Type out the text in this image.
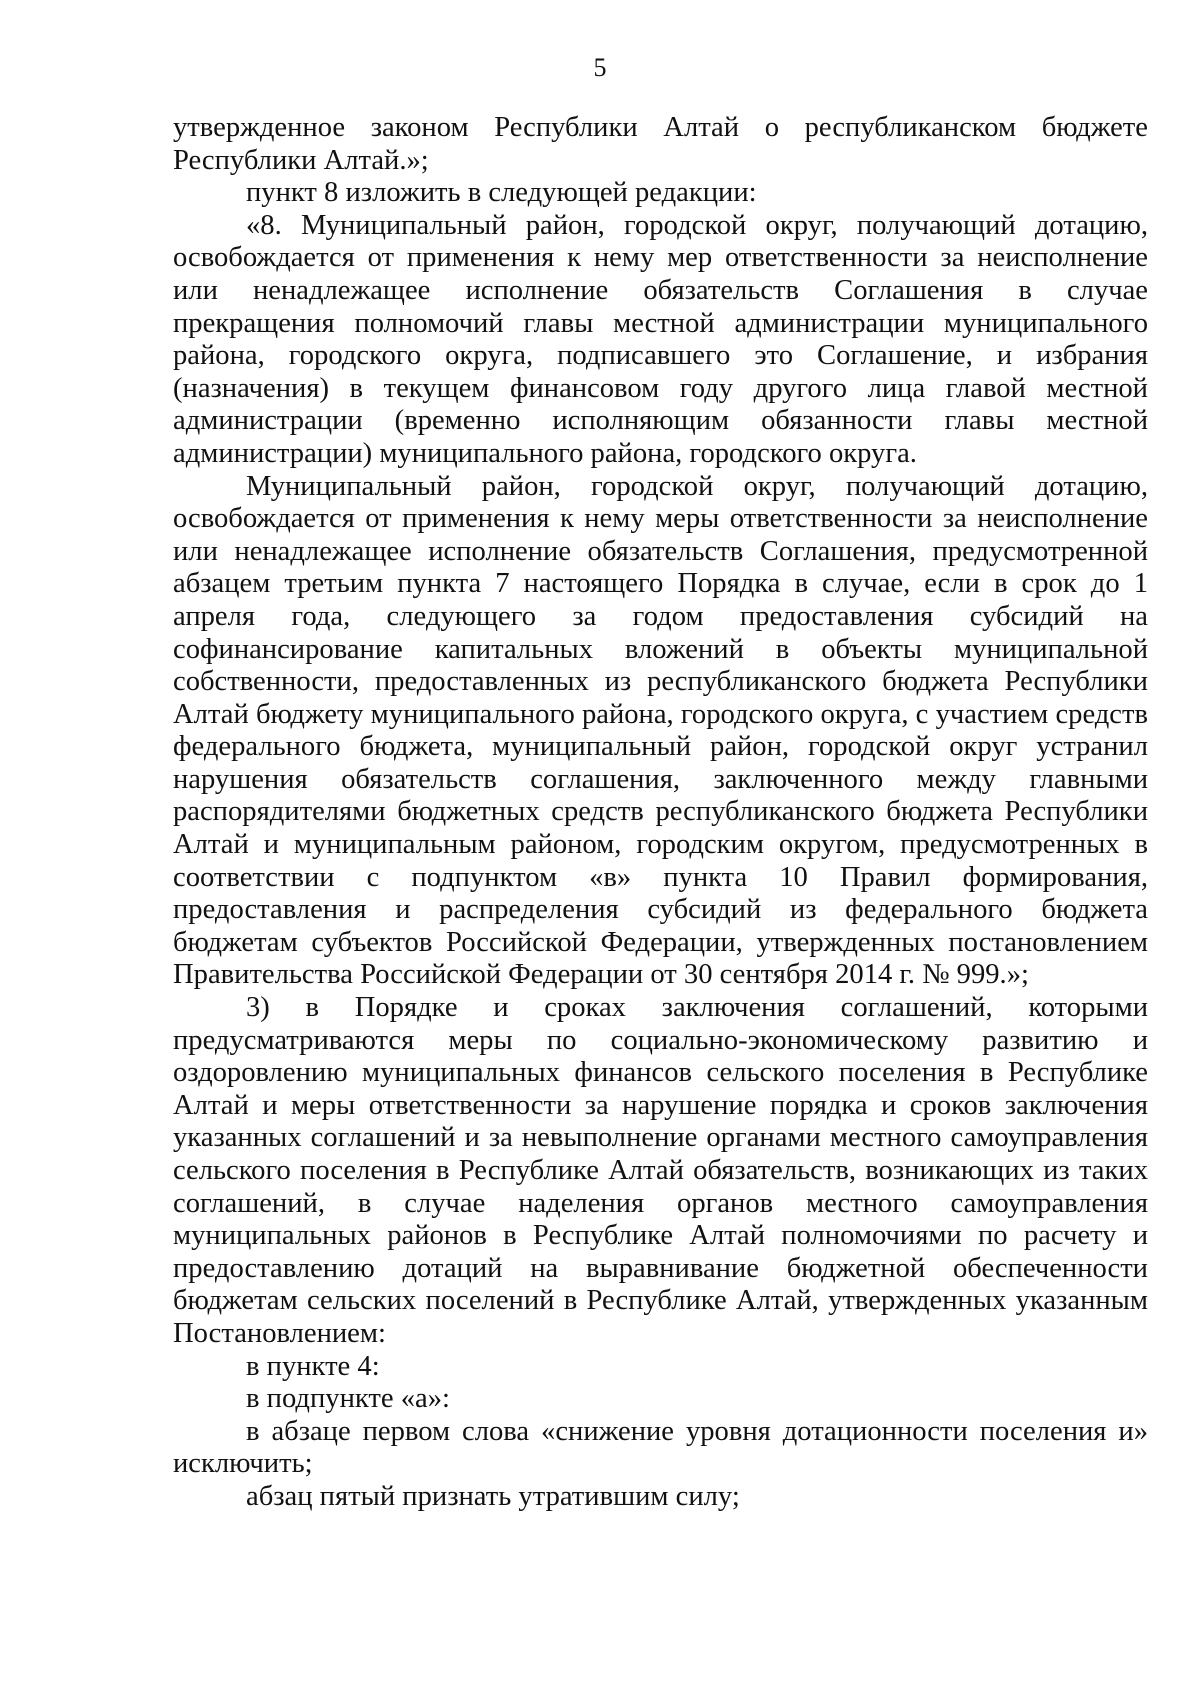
5

утвержденное законом Республики Алтай о республиканском бюджете Республики Алтай.»;

пункт 8 изложить в следующей редакции:

«8. Муниципальный район, городской округ, получающий дотацию, освобождается от применения к нему мер ответственности за неисполнение или ненадлежащее исполнение обязательств Соглашения в случае прекращения полномочий главы местной администрации муниципального района, городского округа, подписавшего это Соглашение, и избрания (назначения) в текущем финансовом году другого лица главой местной администрации (временно исполняющим обязанности главы местной администрации) муниципального района, городского округа.

Муниципальный район, городской округ, получающий дотацию, освобождается от применения к нему меры ответственности за неисполнение или ненадлежащее исполнение обязательств Соглашения, предусмотренной абзацем третьим пункта 7 настоящего Порядка в случае, если в срок до 1 апреля года, следующего за годом предоставления субсидий на софинансирование капитальных вложений в объекты муниципальной собственности, предоставленных из республиканского бюджета Республики Алтай бюджету муниципального района, городского округа, с участием средств федерального бюджета, муниципальный район, городской округ устранил нарушения обязательств соглашения, заключенного между главными распорядителями бюджетных средств республиканского бюджета Республики Алтай и муниципальным районом, городским округом, предусмотренных в соответствии с подпунктом «в» пункта 10 Правил формирования, предоставления и распределения субсидий из федерального бюджета бюджетам субъектов Российской Федерации, утвержденных постановлением Правительства Российской Федерации от 30 сентября 2014 г. № 999.»;

3) в Порядке и сроках заключения соглашений, которыми предусматриваются меры по социально-экономическому развитию и оздоровлению муниципальных финансов сельского поселения в Республике Алтай и меры ответственности за нарушение порядка и сроков заключения указанных соглашений и за невыполнение органами местного самоуправления сельского поселения в Республике Алтай обязательств, возникающих из таких соглашений, в случае наделения органов местного самоуправления муниципальных районов в Республике Алтай полномочиями по расчету и предоставлению дотаций на выравнивание бюджетной обеспеченности бюджетам сельских поселений в Республике Алтай, утвержденных указанным Постановлением:

в пункте 4:

в подпункте «а»:

в абзаце первом слова «снижение уровня дотационности поселения и» исключить;

абзац пятый признать утратившим силу;
